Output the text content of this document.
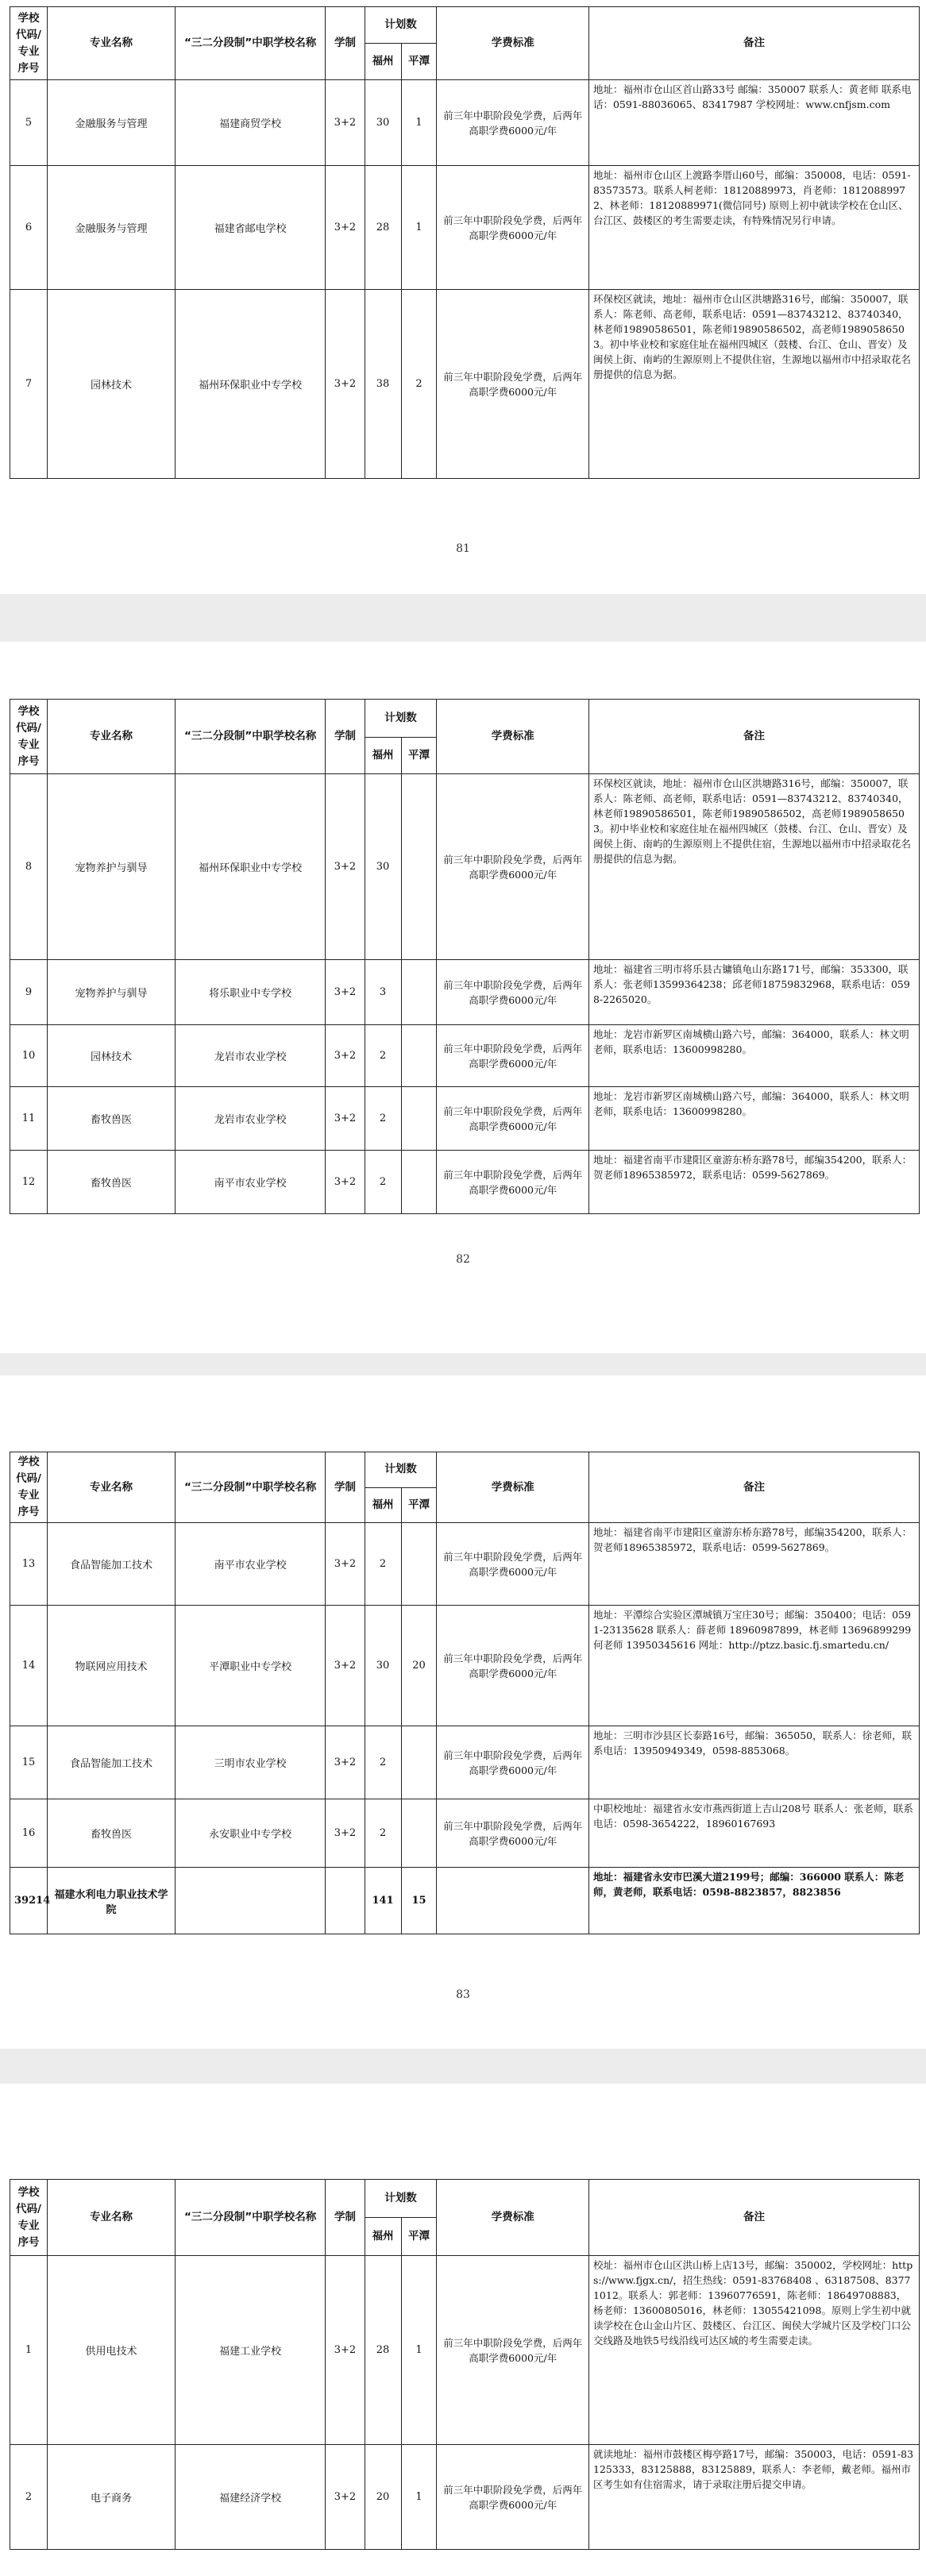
学校代码/专业序号	专业名称	“三二分段制”中职学校名称	学制	计划数		学费标准	备注
				福州	平潭		
5	金融服务与管理	福建商贸学校	3+2	30	1	前三年中职阶段免学费，后两年高职学费6000元/年	地址：福州市仓山区首山路33号 邮编：350007 联系人：黄老师 联系电话：0591-88036065、83417987 学校网址：www.cnfjsm.com
6	金融服务与管理	福建省邮电学校	3+2	28	1	前三年中职阶段免学费，后两年高职学费6000元/年	地址：福州市仓山区上渡路李厝山60号，邮编：350008，电话：0591-83573573。联系人柯老师：18120889973，肖老师：18120889972、林老师：18120889971(微信同号) 原则上初中就读学校在仓山区、台江区、鼓楼区的考生需要走读，有特殊情况另行申请。
7	园林技术	福州环保职业中专学校	3+2	38	2	前三年中职阶段免学费，后两年高职学费6000元/年	环保校区就读，地址：福州市仓山区洪塘路316号，邮编：350007，联系人：陈老师、高老师，联系电话：0591—83743212、83740340，林老师19890586501，陈老师19890586502，高老师19890586503。初中毕业校和家庭住址在福州四城区（鼓楼、台江、仓山、晋安）及闽侯上街、南屿的生源原则上不提供住宿，生源地以福州市中招录取花名册提供的信息为据。
81
学校代码/专业序号	专业名称	“三二分段制”中职学校名称	学制	计划数		学费标准	备注
				福州	平潭		
8	宠物养护与驯导	福州环保职业中专学校	3+2	30		前三年中职阶段免学费，后两年高职学费6000元/年	环保校区就读，地址：福州市仓山区洪塘路316号，邮编：350007，联系人：陈老师、高老师，联系电话：0591—83743212、83740340，林老师19890586501，陈老师19890586502，高老师19890586503。初中毕业校和家庭住址在福州四城区（鼓楼、台江、仓山、晋安）及闽侯上街、南屿的生源原则上不提供住宿，生源地以福州市中招录取花名册提供的信息为据。
9	宠物养护与驯导	将乐职业中专学校	3+2	3		前三年中职阶段免学费，后两年高职学费6000元/年	地址：福建省三明市将乐县古镛镇龟山东路171号，邮编：353300，联系人：张老师13599364238；邱老师18759832968，联系电话：0598-2265020。
10	园林技术	龙岩市农业学校	3+2	2		前三年中职阶段免学费，后两年高职学费6000元/年	地址：龙岩市新罗区南城横山路六号，邮编：364000，联系人：林文明老师，联系电话：13600998280。
11	畜牧兽医	龙岩市农业学校	3+2	2		前三年中职阶段免学费，后两年高职学费6000元/年	地址：龙岩市新罗区南城横山路六号，邮编：364000，联系人：林文明老师，联系电话：13600998280。
12	畜牧兽医	南平市农业学校	3+2	2		前三年中职阶段免学费，后两年高职学费6000元/年	地址：福建省南平市建阳区童游东桥东路78号，邮编354200，联系人：贺老师18965385972，联系电话：0599-5627869。
82
学校代码/专业序号	专业名称	“三二分段制”中职学校名称	学制	计划数		学费标准	备注
				福州	平潭		
13	食品智能加工技术	南平市农业学校	3+2	2		前三年中职阶段免学费，后两年高职学费6000元/年	地址：福建省南平市建阳区童游东桥东路78号，邮编354200，联系人：贺老师18965385972，联系电话：0599-5627869。
14	物联网应用技术	平潭职业中专学校	3+2	30	20	前三年中职阶段免学费，后两年高职学费6000元/年	地址：平潭综合实验区潭城镇万宝庄30号；邮编：350400；电话：0591-23135628 联系人：薛老师 18960987899，林老师 13696899299 何老师 13950345616 网址：http://ptzz.basic.fj.smartedu.cn/
15	食品智能加工技术	三明市农业学校	3+2	2		前三年中职阶段免学费，后两年高职学费6000元/年	地址：三明市沙县区长泰路16号，邮编：365050，联系人：徐老师，联系电话：13950949349，0598-8853068。
16	畜牧兽医	永安职业中专学校	3+2	2		前三年中职阶段免学费，后两年高职学费6000元/年	中职校地址：福建省永安市燕西街道上吉山208号 联系人：张老师，联系电话：0598-3654222，18960167693
39214	福建水利电力职业技术学院			141	15		地址：福建省永安市巴溪大道2199号；邮编：366000 联系人：陈老师，黄老师，联系电话：0598-8823857，8823856
83
学校代码/专业序号	专业名称	“三二分段制”中职学校名称	学制	计划数		学费标准	备注
				福州	平潭		
1	供用电技术	福建工业学校	3+2	28	1	前三年中职阶段免学费，后两年高职学费6000元/年	校址：福州市仓山区洪山桥上店13号，邮编：350002，学校网址：https://www.fjgx.cn/，招生热线：0591-83768408 、63187508、83771012。联系人：郭老师：13960776591，陈老师：18649708883，杨老师：13600805016，林老师：13055421098。原则上学生初中就读学校在仓山金山片区、鼓楼区、台江区、闽侯大学城片区及学校门口公交线路及地铁5号线沿线可达区域的考生需要走读。
2	电子商务	福建经济学校	3+2	20	1	前三年中职阶段免学费，后两年高职学费6000元/年	就读地址：福州市鼓楼区梅亭路17号，邮编：350003，电话：0591-83125333，83125888，83125889，联系人：李老师，戴老师。福州市区考生如有住宿需求，请于录取注册后提交申请。
